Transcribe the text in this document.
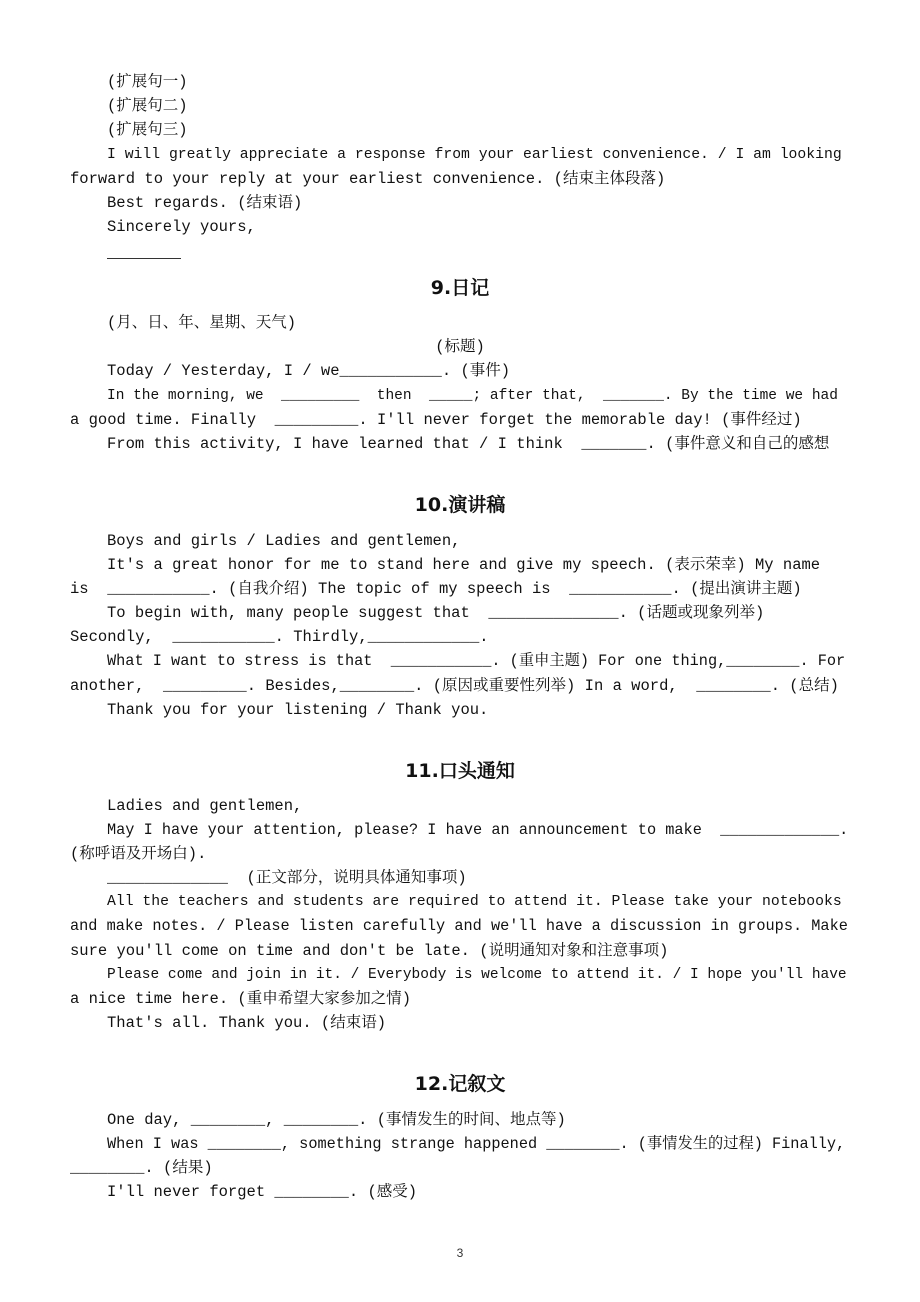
(扩展句一)
(扩展句二)
(扩展句三)
I will greatly appreciate a response from your earliest convenience. / I am looking
forward to your reply at your earliest convenience. (结束主体段落)
Best regards. (结束语)
Sincerely yours,
9.日记
(月、日、年、星期、天气)
(标题)
Today / Yesterday, I / we___________. (事件)
In the morning, we  _________  then  _____; after that,  _______. By the time we had
a good time. Finally  _________. I'll never forget the memorable day! (事件经过)
From this activity, I have learned that / I think  _______. (事件意义和自己的感想
10.演讲稿
Boys and girls / Ladies and gentlemen,
It's a great honor for me to stand here and give my speech. (表示荣幸) My name
is  ___________. (自我介绍) The topic of my speech is  ___________. (提出演讲主题)
To begin with, many people suggest that  ______________. (话题或现象列举)
Secondly,  ___________. Thirdly,____________.
What I want to stress is that  ___________. (重申主题) For one thing,________. For
another,  _________. Besides,________. (原因或重要性列举) In a word,  ________. (总结)
Thank you for your listening / Thank you.
11.口头通知
Ladies and gentlemen,
May I have your attention, please? I have an announcement to make  _____________.
(称呼语及开场白).
_____________  (正文部分，说明具体通知事项)
All the teachers and students are required to attend it. Please take your notebooks
and make notes. / Please listen carefully and we'll have a discussion in groups. Make
sure you'll come on time and don't be late. (说明通知对象和注意事项)
Please come and join in it. / Everybody is welcome to attend it. / I hope you'll have
a nice time here. (重申希望大家参加之情)
That's all. Thank you. (结束语)
12.记叙文
One day, ________, ________. (事情发生的时间、地点等)
When I was ________, something strange happened ________. (事情发生的过程) Finally,
________. (结果)
I'll never forget ________. (感受)
3
